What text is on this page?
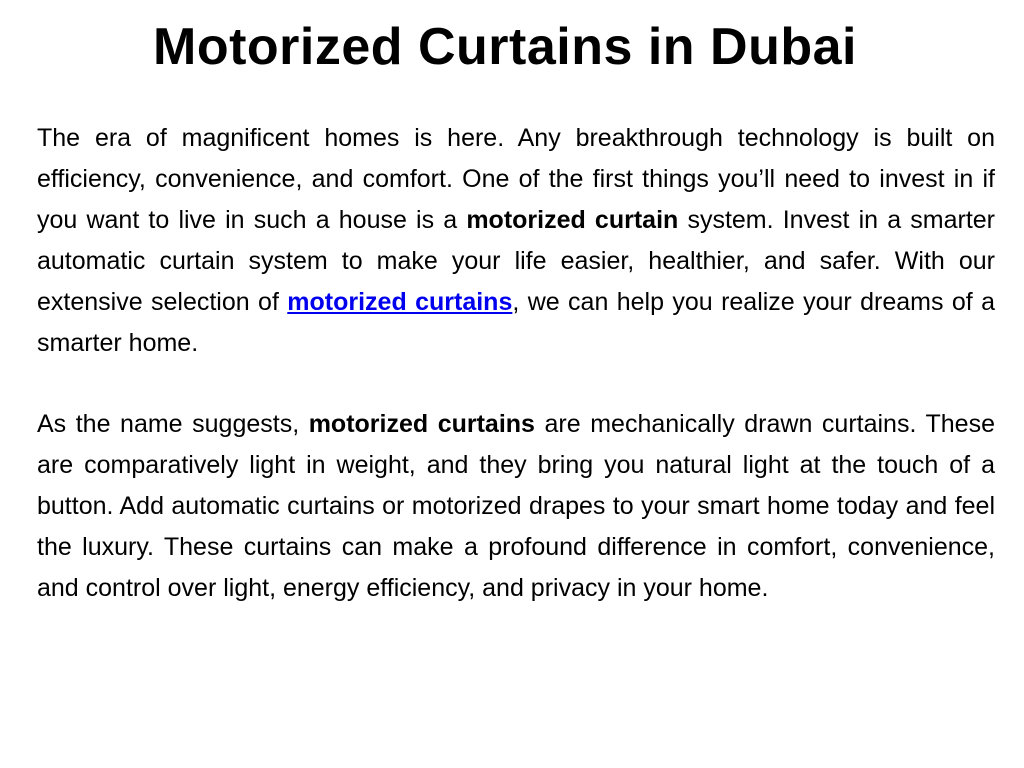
Motorized Curtains in Dubai

The era of magnificent homes is here. Any breakthrough technology is built on efficiency, convenience, and comfort. One of the first things you’ll need to invest in if you want to live in such a house is a motorized curtain system. Invest in a smarter automatic curtain system to make your life easier, healthier, and safer. With our extensive selection of motorized curtains, we can help you realize your dreams of a smarter home.

As the name suggests, motorized curtains are mechanically drawn curtains. These are comparatively light in weight, and they bring you natural light at the touch of a button. Add automatic curtains or motorized drapes to your smart home today and feel the luxury. These curtains can make a profound difference in comfort, convenience, and control over light, energy efficiency, and privacy in your home.
